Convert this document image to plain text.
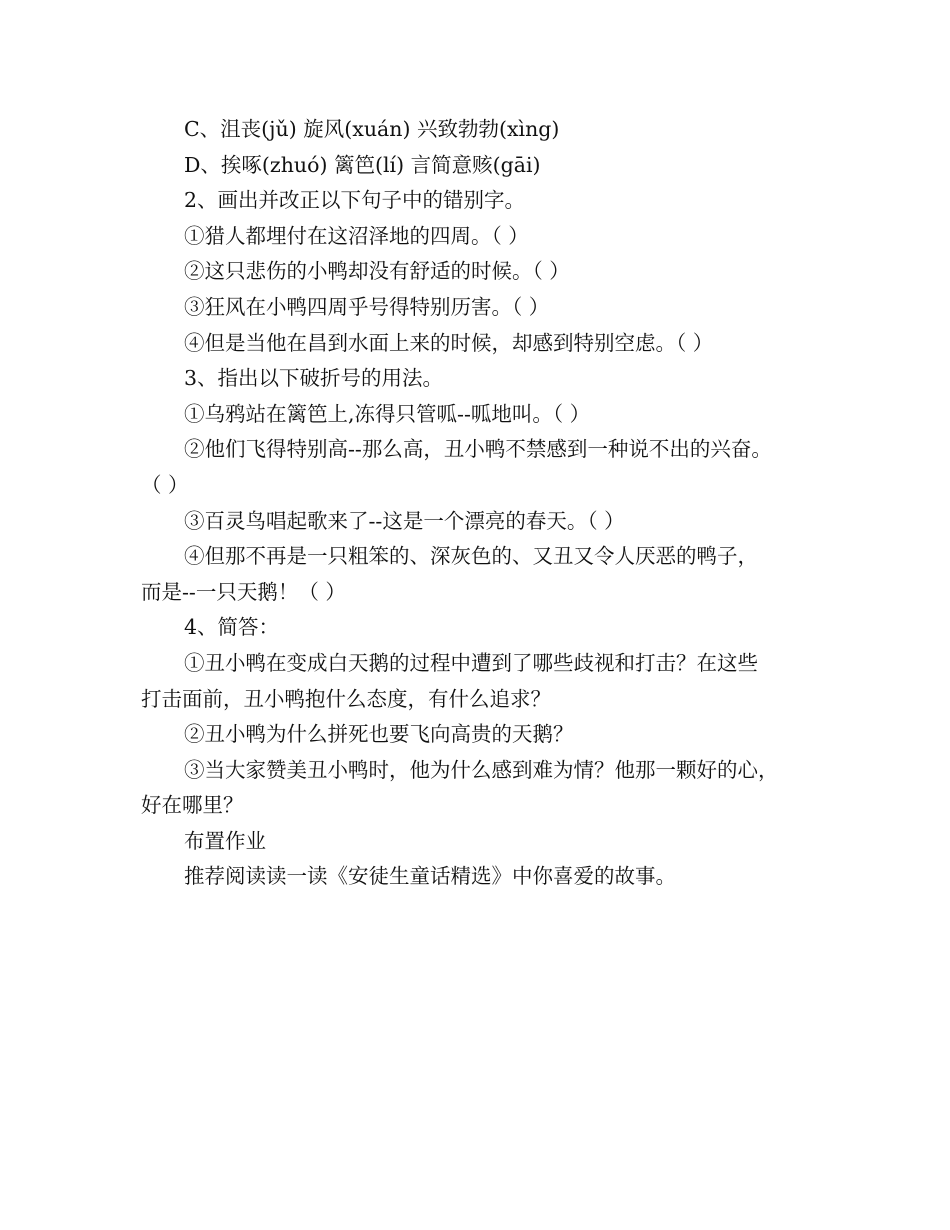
C、沮丧(jǔ) 旋风(xuán) 兴致勃勃(xìng)

D、挨啄(zhuó) 篱笆(lí) 言简意赅(gāi)

2、画出并改正以下句子中的错别字。

①猎人都埋付在这沼泽地的四周。（ ）

②这只悲伤的小鸭却没有舒适的时候。（ ）

③狂风在小鸭四周乎号得特别历害。（ ）

④但是当他在昌到水面上来的时候，却感到特别空虑。（ ）

3、指出以下破折号的用法。

①乌鸦站在篱笆上,冻得只管呱--呱地叫。（ ）

②他们飞得特别高--那么高，丑小鸭不禁感到一种说不出的兴奋。

（ ）

③百灵鸟唱起歌来了--这是一个漂亮的春天。（ ）

④但那不再是一只粗笨的、深灰色的、又丑又令人厌恶的鸭子，

而是--一只天鹅！（ ）

4、简答：

①丑小鸭在变成白天鹅的过程中遭到了哪些歧视和打击？在这些

打击面前，丑小鸭抱什么态度，有什么追求？

②丑小鸭为什么拼死也要飞向高贵的天鹅？

③当大家赞美丑小鸭时，他为什么感到难为情？他那一颗好的心，

好在哪里？

布置作业

推荐阅读读一读《安徒生童话精选》中你喜爱的故事。
